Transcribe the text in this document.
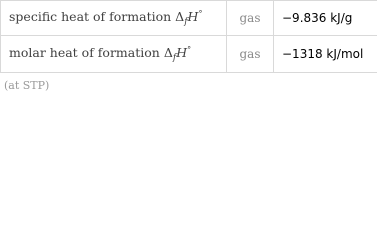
specific heat of formation $\Delta_fH^\circ$	gas	−9.836 kJ/g
molar heat of formation $\Delta_fH^\circ$	gas	−1318 kJ/mol
(at STP)
